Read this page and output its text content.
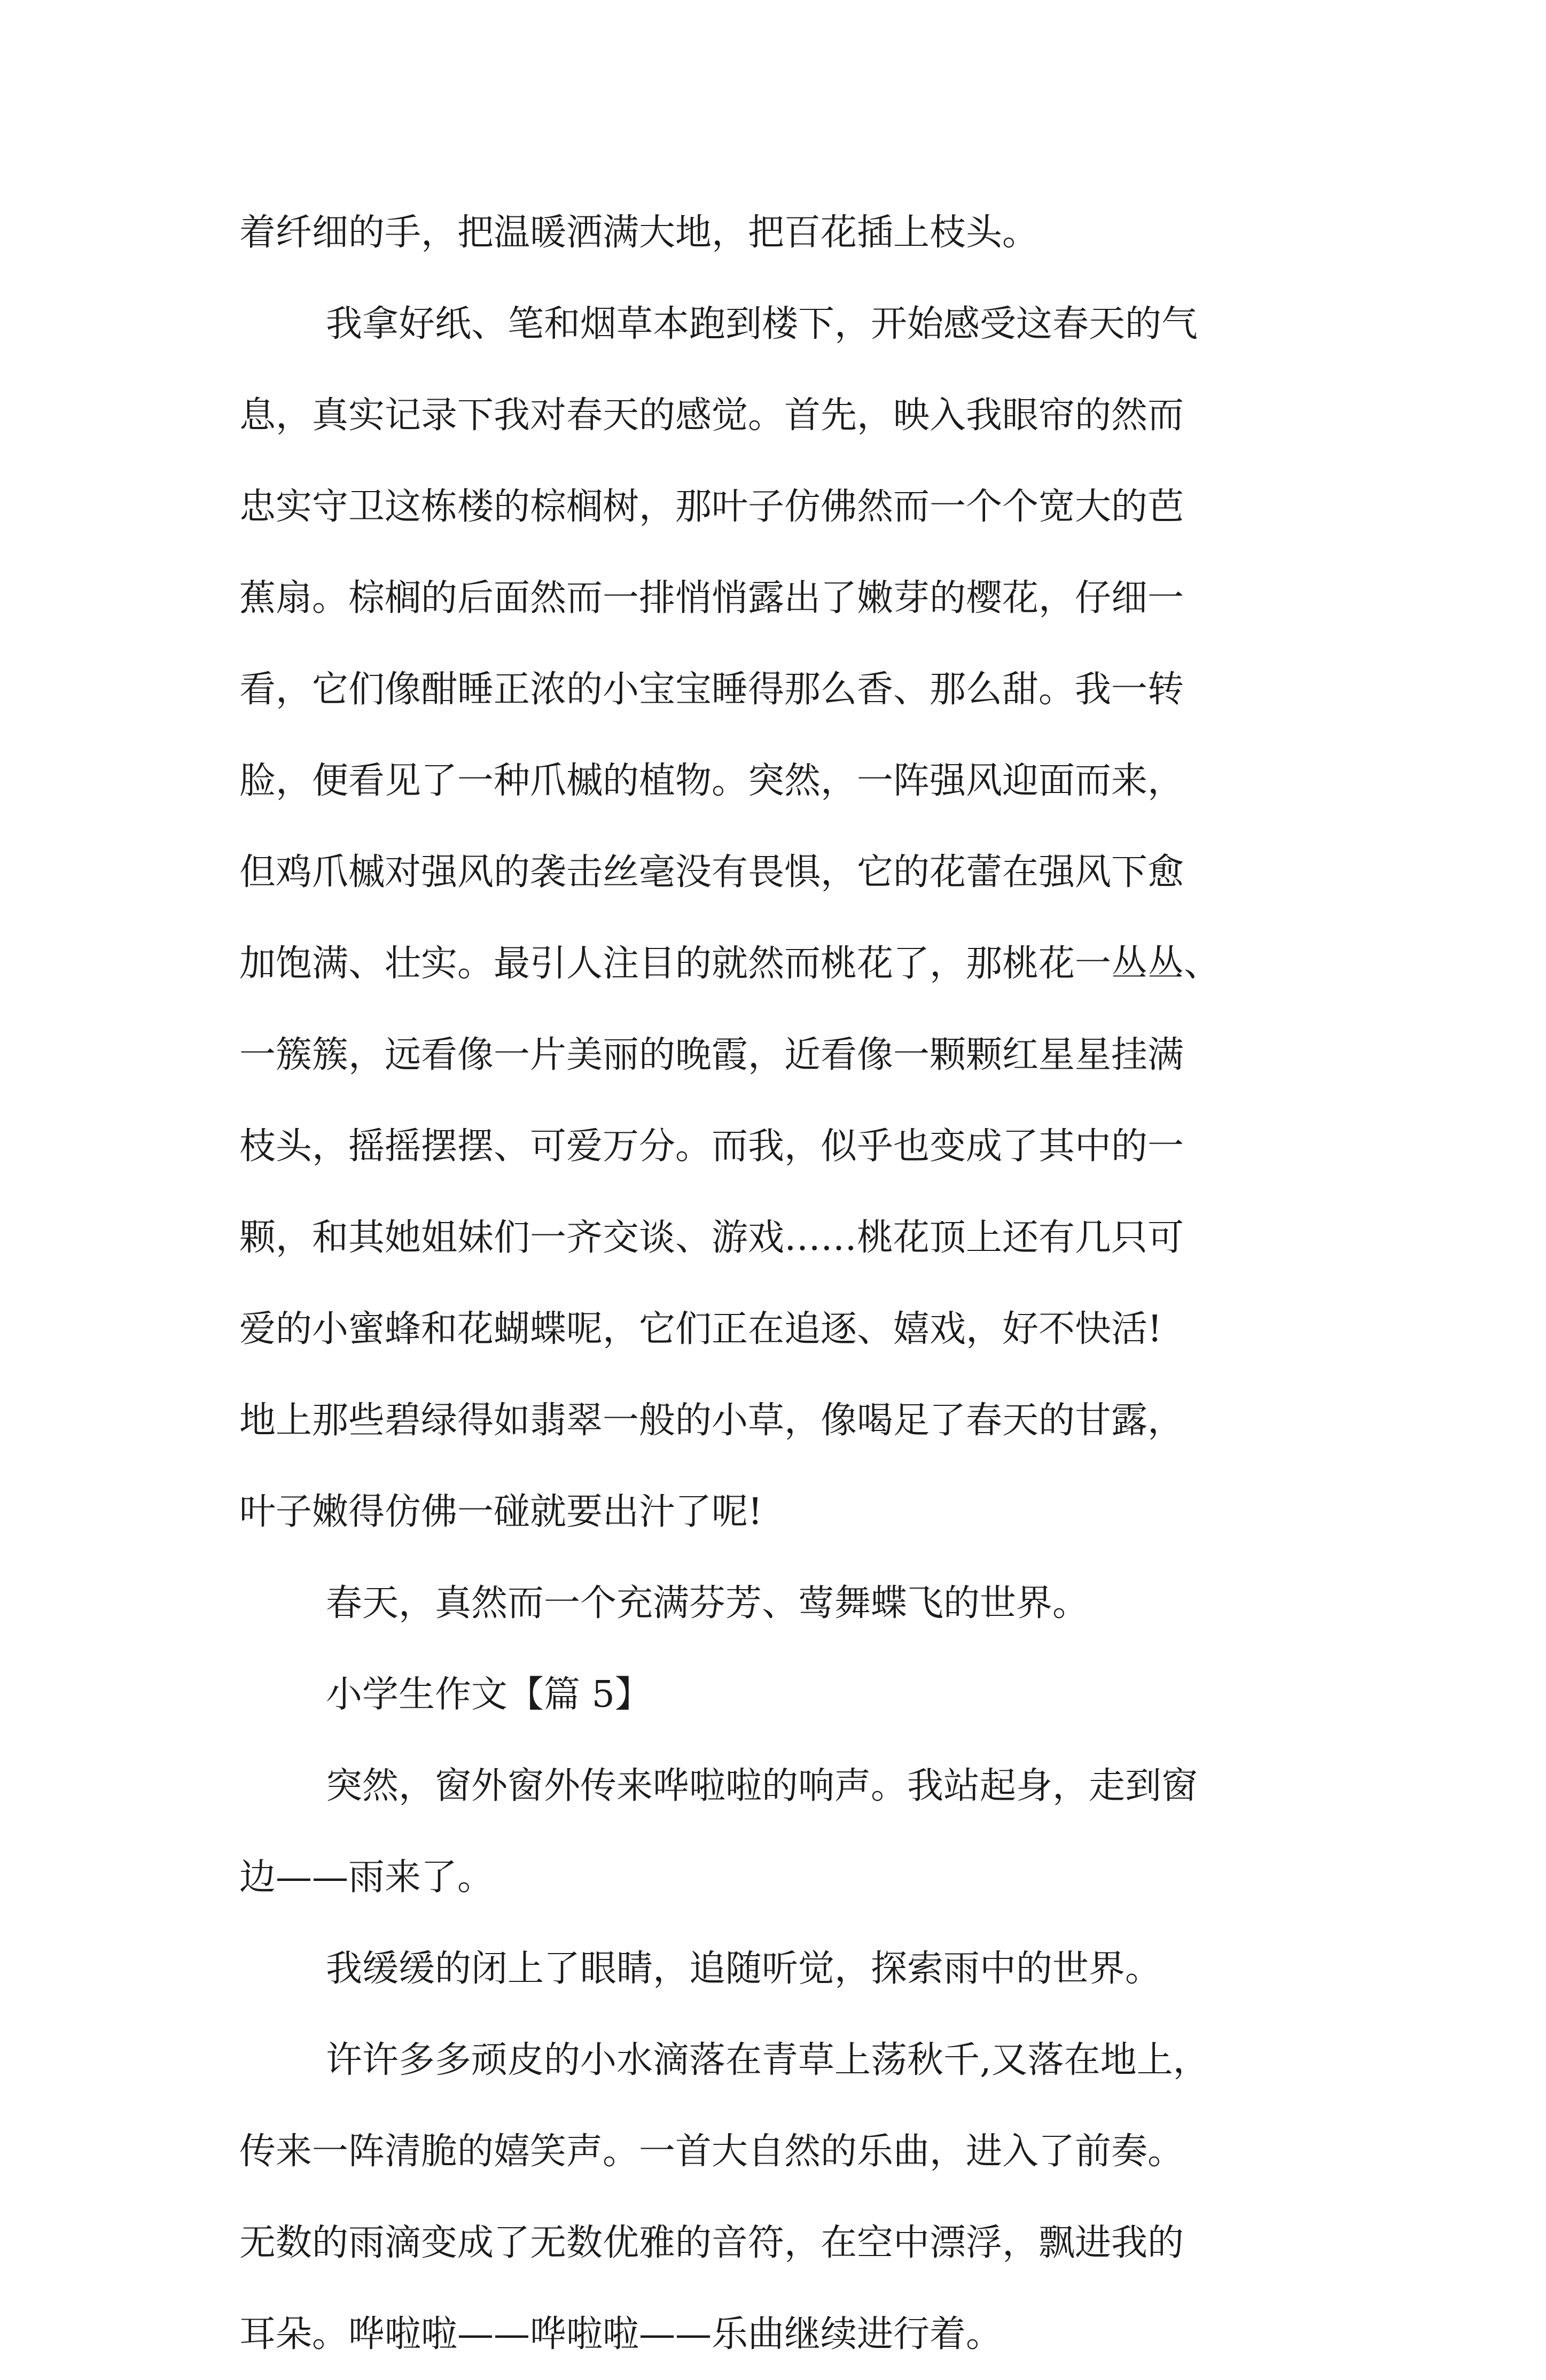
着纤细的手，把温暖洒满大地，把百花插上枝头。

我拿好纸、笔和烟草本跑到楼下，开始感受这春天的气

息，真实记录下我对春天的感觉。首先，映入我眼帘的然而

忠实守卫这栋楼的棕榈树，那叶子仿佛然而一个个宽大的芭

蕉扇。棕榈的后面然而一排悄悄露出了嫩芽的樱花，仔细一

看，它们像酣睡正浓的小宝宝睡得那么香、那么甜。我一转

脸，便看见了一种爪槭的植物。突然，一阵强风迎面而来，

但鸡爪槭对强风的袭击丝毫没有畏惧，它的花蕾在强风下愈

加饱满、壮实。最引人注目的就然而桃花了，那桃花一丛丛、

一簇簇，远看像一片美丽的晚霞，近看像一颗颗红星星挂满

枝头，摇摇摆摆、可爱万分。而我，似乎也变成了其中的一

颗，和其她姐妹们一齐交谈、游戏……桃花顶上还有几只可

爱的小蜜蜂和花蝴蝶呢，它们正在追逐、嬉戏，好不快活!

地上那些碧绿得如翡翠一般的小草，像喝足了春天的甘露，

叶子嫩得仿佛一碰就要出汁了呢!

春天，真然而一个充满芬芳、莺舞蝶飞的世界。

小学生作文【篇 5】

突然，窗外窗外传来哗啦啦的响声。我站起身，走到窗

边——雨来了。

我缓缓的闭上了眼睛，追随听觉，探索雨中的世界。

许许多多顽皮的小水滴落在青草上荡秋千,又落在地上，

传来一阵清脆的嬉笑声。一首大自然的乐曲，进入了前奏。

无数的雨滴变成了无数优雅的音符，在空中漂浮，飘进我的

耳朵。哗啦啦——哗啦啦——乐曲继续进行着。
